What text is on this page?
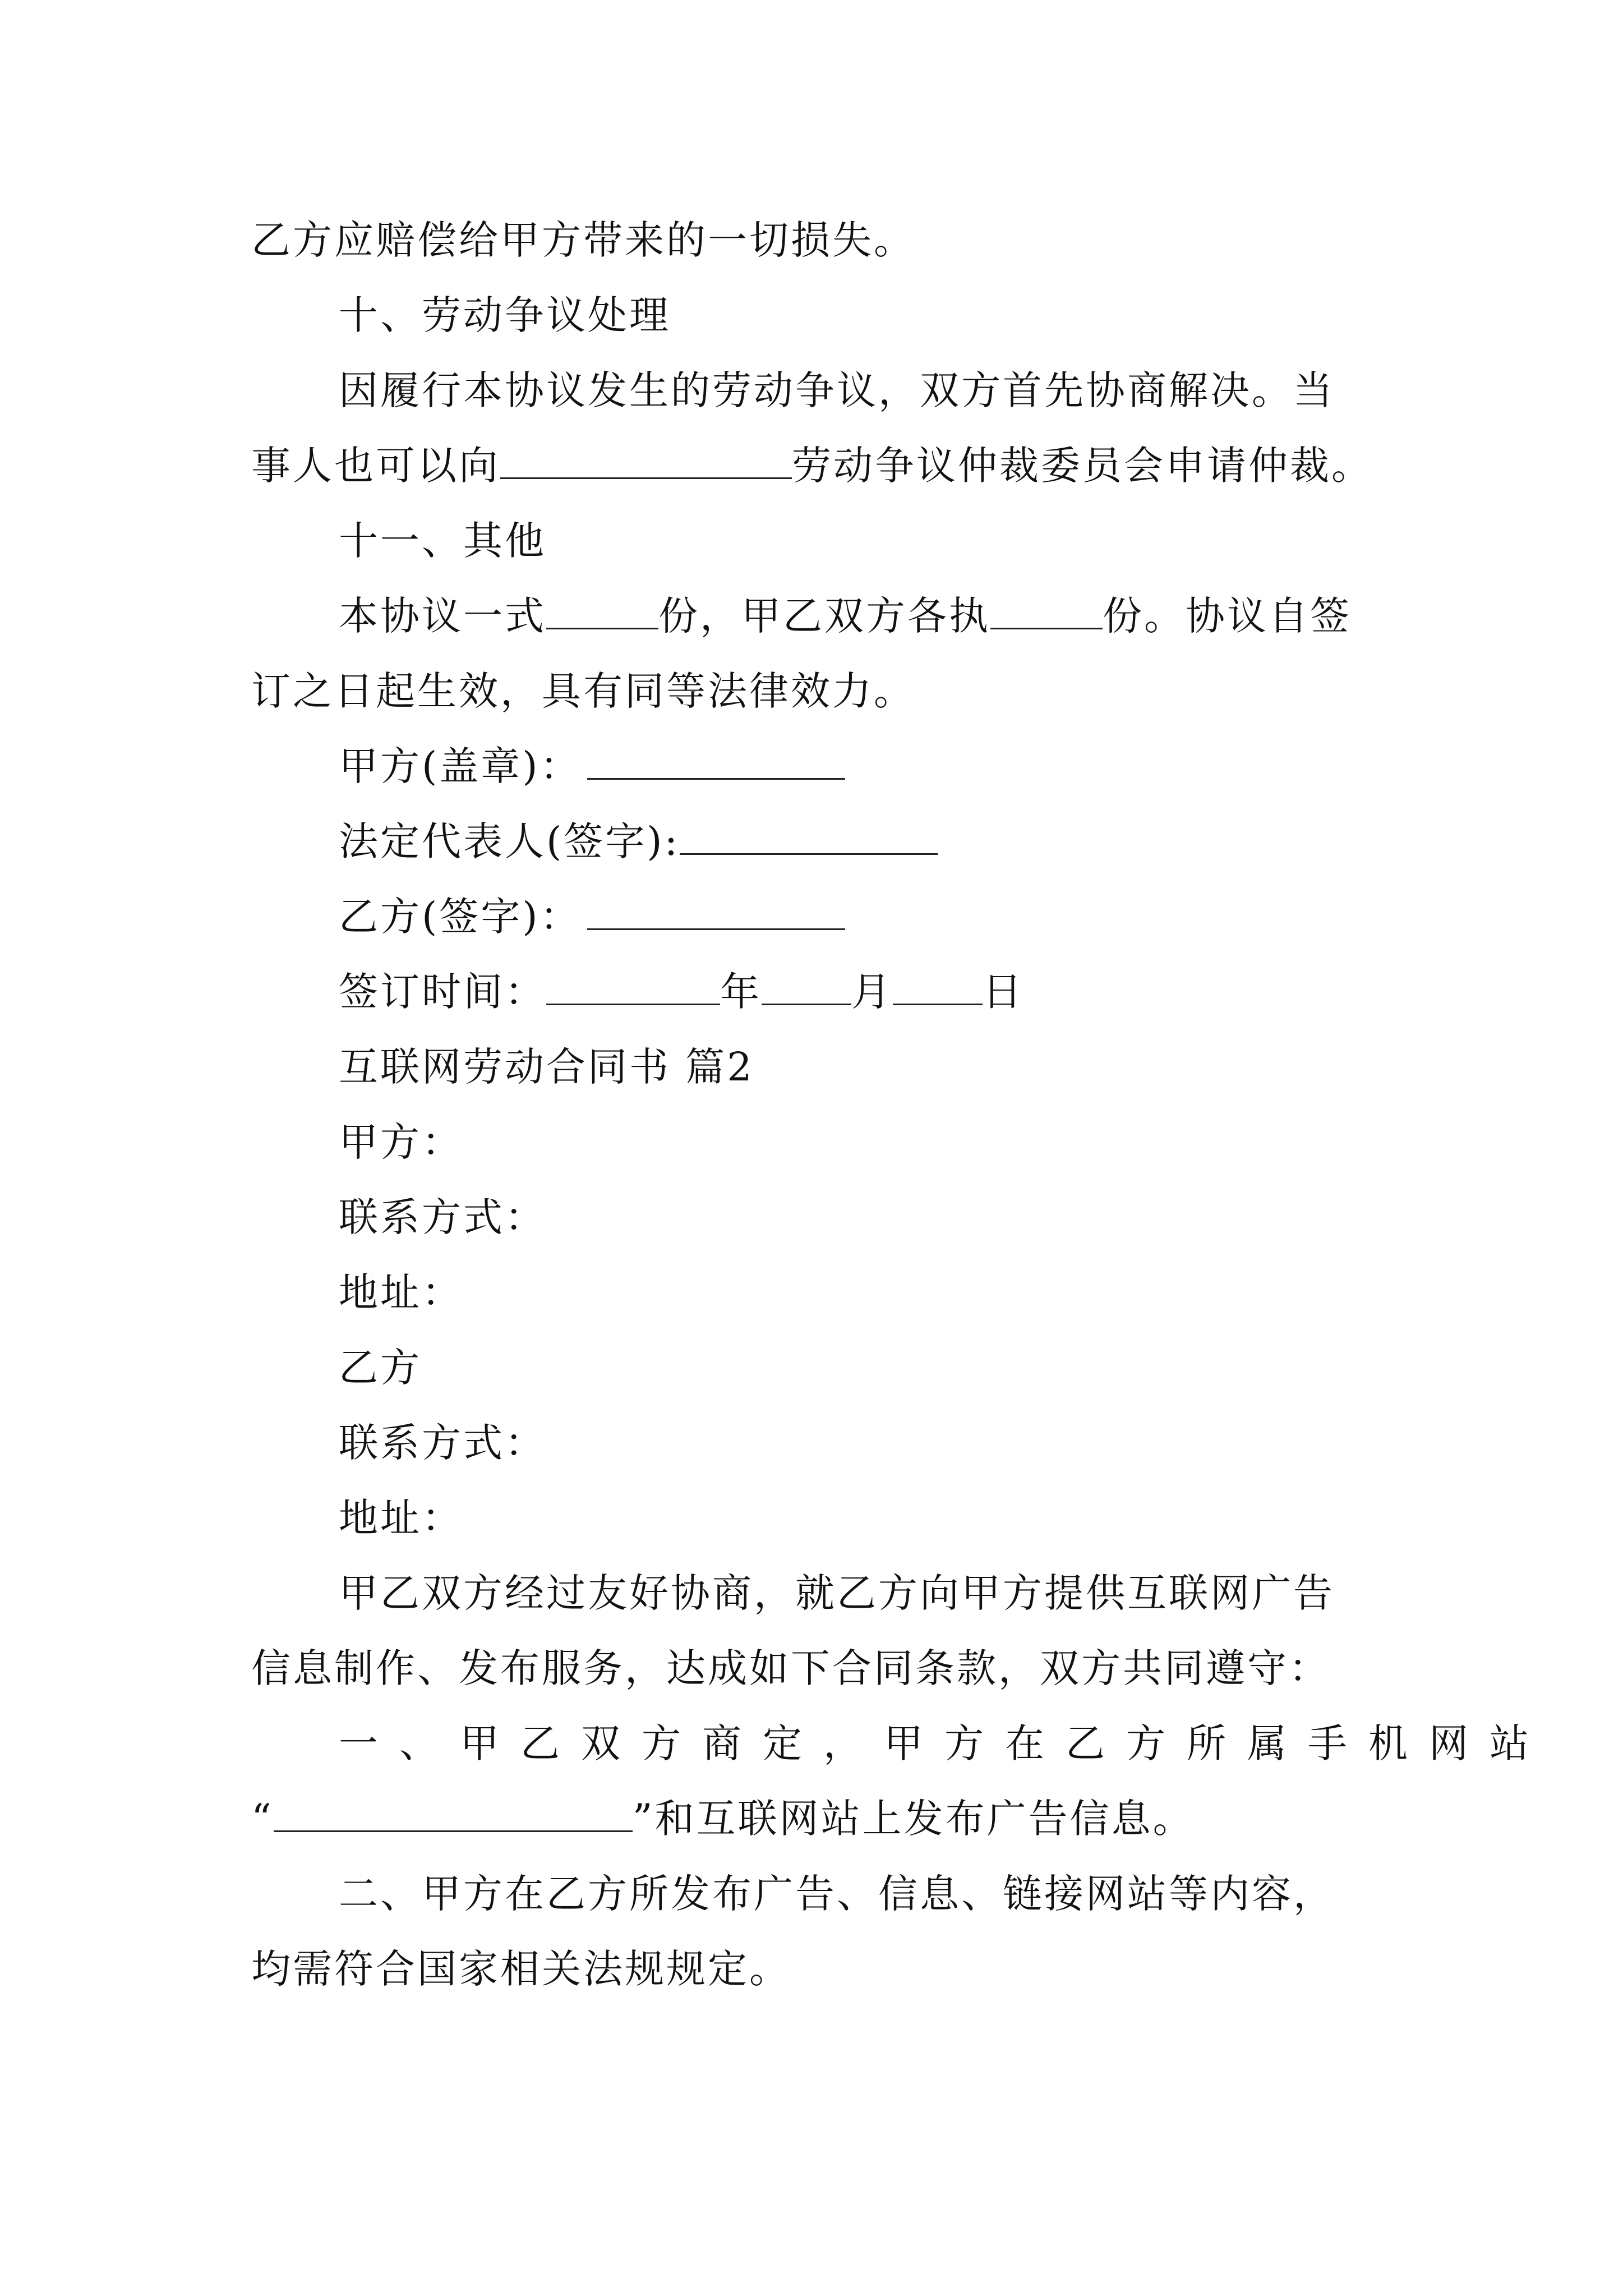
乙方应赔偿给甲方带来的一切损失。
十、劳动争议处理
因履行本协议发生的劳动争议，双方首先协商解决。当
事人也可以向	劳动争议仲裁委员会申请仲裁。
十一、其他
本协议一式	份，甲乙双方各执	份。协议自签
订之日起生效，具有同等法律效力。
甲方(盖章)：
法定代表人(签字):
乙方(签字)：
签订时间：	年 月 日
互联网劳动合同书 篇2
甲方：
联系方式：
地址：
乙方
联系方式：
地址：
甲乙双方经过友好协商，就乙方向甲方提供互联网广告
信息制作、发布服务，达成如下合同条款，双方共同遵守：
一、甲乙双方商定，甲方在乙方所属手机网站
“	”和互联网站上发布广告信息。
二、甲方在乙方所发布广告、信息、链接网站等内容，
均需符合国家相关法规规定。
